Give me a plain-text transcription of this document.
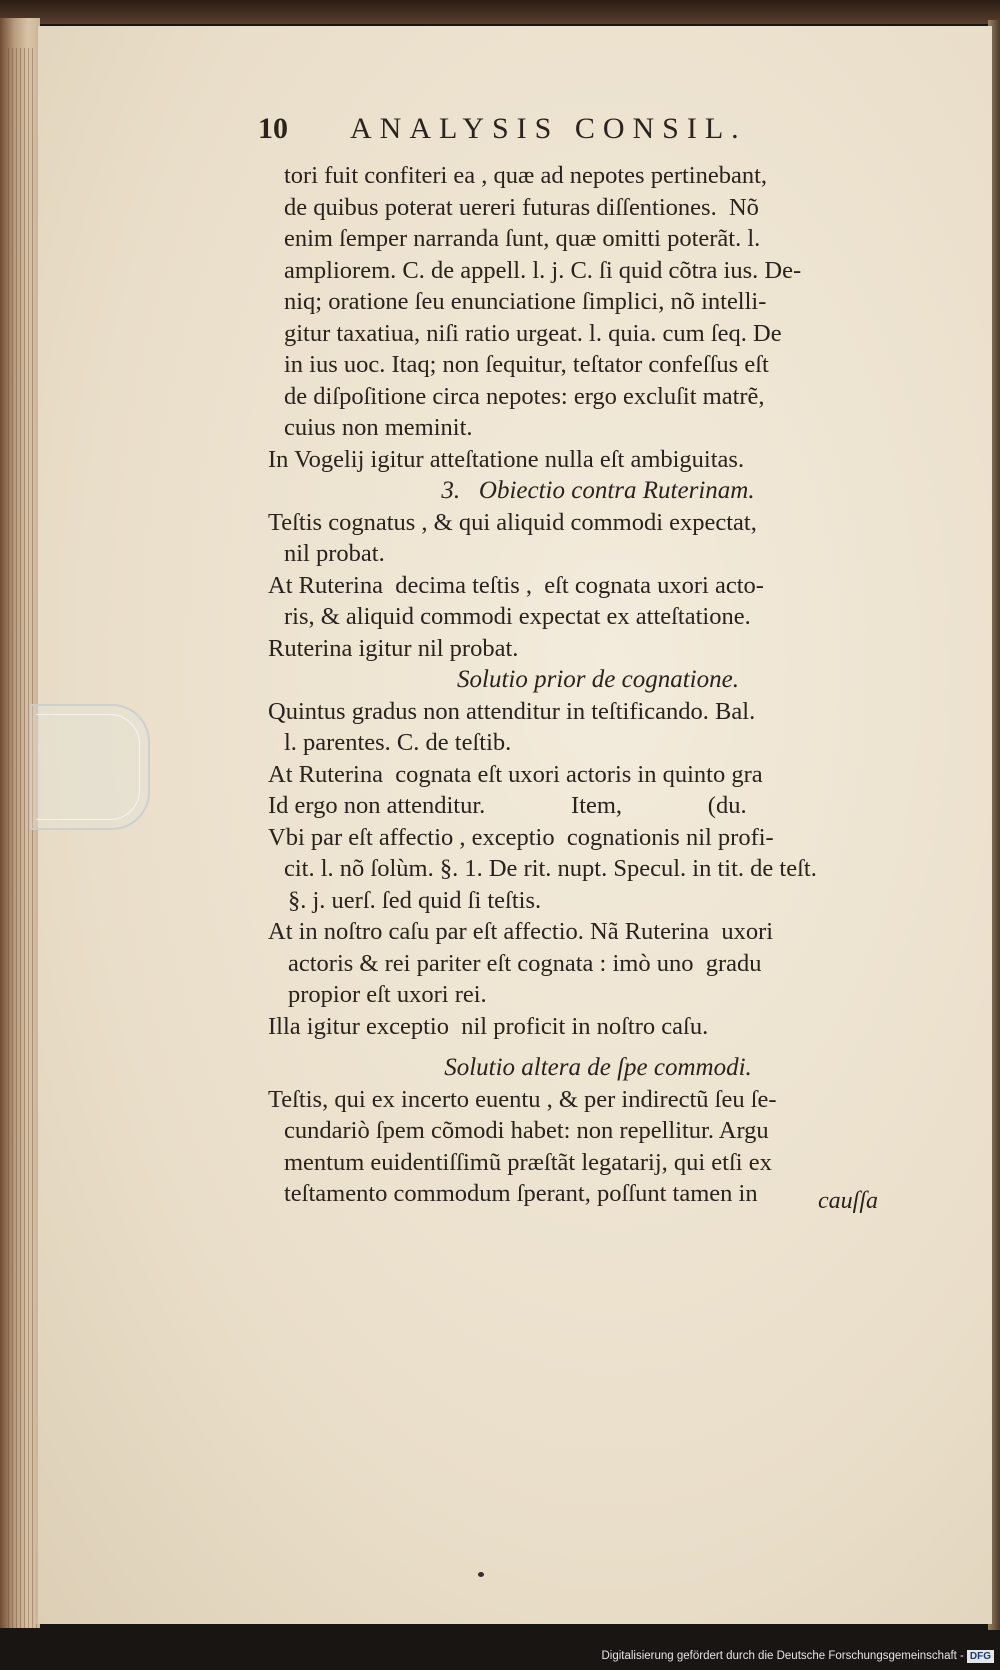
10 ANALYSIS CONSIL.

tori fuit confiteri ea , quæ ad nepotes pertinebant,

de quibus poterat uereri futuras diſſentiones.  Nõ

enim ſemper narranda ſunt, quæ omitti poterãt. l.

ampliorem. C. de appell. l. j. C. ſi quid cõtra ius. De-

niq; oratione ſeu enunciatione ſimplici, nõ intelli-

gitur taxatiua, niſi ratio urgeat. l. quia. cum ſeq. De

in ius uoc. Itaq; non ſequitur, teſtator confeſſus eſt

de diſpoſitione circa nepotes: ergo excluſit matrẽ,

cuius non meminit.

In Vogelij igitur atteſtatione nulla eſt ambiguitas.

3.   Obiectio contra Ruterinam.

Teſtis cognatus , & qui aliquid commodi expectat,

nil probat.

At Ruterina  decima teſtis ,  eſt cognata uxori acto-

ris, & aliquid commodi expectat ex atteſtatione.

Ruterina igitur nil probat.

Solutio prior de cognatione.

Quintus gradus non attenditur in teſtificando. Bal.

l. parentes. C. de teſtib.

At Ruterina  cognata eſt uxori actoris in quinto gra

Id ergo non attenditur.              Item,              (du.

Vbi par eſt affectio , exceptio  cognationis nil profi-

cit. l. nõ ſolùm. §. 1. De rit. nupt. Specul. in tit. de teſt.

§. j. uerſ. ſed quid ſi teſtis.

At in noſtro caſu par eſt affectio. Nã Ruterina  uxori

actoris & rei pariter eſt cognata : imò uno  gradu

propior eſt uxori rei.

Illa igitur exceptio  nil proficit in noſtro caſu.

Solutio altera de ſpe commodi.

Teſtis, qui ex incerto euentu , & per indirectũ ſeu ſe-

cundariò ſpem cõmodi habet: non repellitur. Argu

mentum euidentiſſimũ præſtãt legatarij, qui etſi ex

teſtamento commodum ſperant, poſſunt tamen in	cauſſa
Digitalisierung gefördert durch die Deutsche Forschungsgemeinschaft - DFG
